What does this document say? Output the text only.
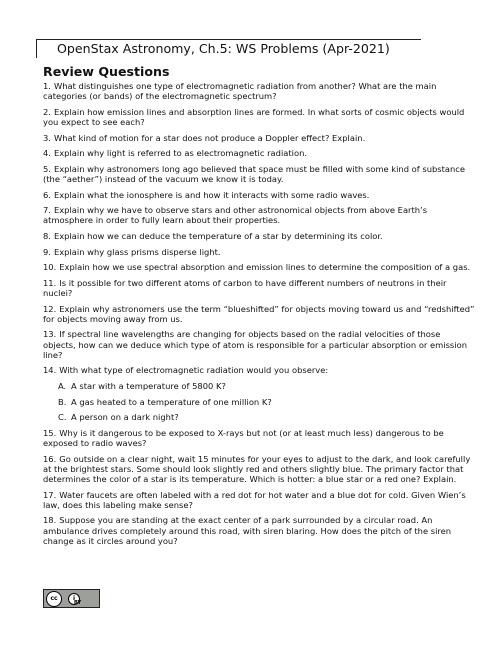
OpenStax Astronomy, Ch.5: WS Problems (Apr-2021)
Review Questions
1. What distinguishes one type of electromagnetic radiation from another? What are the main categories (or bands) of the electromagnetic spectrum?
2. Explain how emission lines and absorption lines are formed. In what sorts of cosmic objects would you expect to see each?
3. What kind of motion for a star does not produce a Doppler effect? Explain.
4. Explain why light is referred to as electromagnetic radiation.
5. Explain why astronomers long ago believed that space must be filled with some kind of substance (the “aether”) instead of the vacuum we know it is today.
6. Explain what the ionosphere is and how it interacts with some radio waves.
7. Explain why we have to observe stars and other astronomical objects from above Earth’s atmosphere in order to fully learn about their properties.
8. Explain how we can deduce the temperature of a star by determining its color.
9. Explain why glass prisms disperse light.
10. Explain how we use spectral absorption and emission lines to determine the composition of a gas.
11. Is it possible for two different atoms of carbon to have different numbers of neutrons in their nuclei?
12. Explain why astronomers use the term “blueshifted” for objects moving toward us and “redshifted” for objects moving away from us.
13. If spectral line wavelengths are changing for objects based on the radial velocities of those objects, how can we deduce which type of atom is responsible for a particular absorption or emission line?
14. With what type of electromagnetic radiation would you observe:
A. A star with a temperature of 5800 K?
B. A gas heated to a temperature of one million K?
C. A person on a dark night?
15. Why is it dangerous to be exposed to X-rays but not (or at least much less) dangerous to be exposed to radio waves?
16. Go outside on a clear night, wait 15 minutes for your eyes to adjust to the dark, and look carefully at the brightest stars. Some should look slightly red and others slightly blue. The primary factor that determines the color of a star is its temperature. Which is hotter: a blue star or a red one? Explain.
17. Water faucets are often labeled with a red dot for hot water and a blue dot for cold. Given Wien’s law, does this labeling make sense?
18. Suppose you are standing at the exact center of a park surrounded by a circular road. An ambulance drives completely around this road, with siren blaring. How does the pitch of the siren change as it circles around you?
cc	i
BY
